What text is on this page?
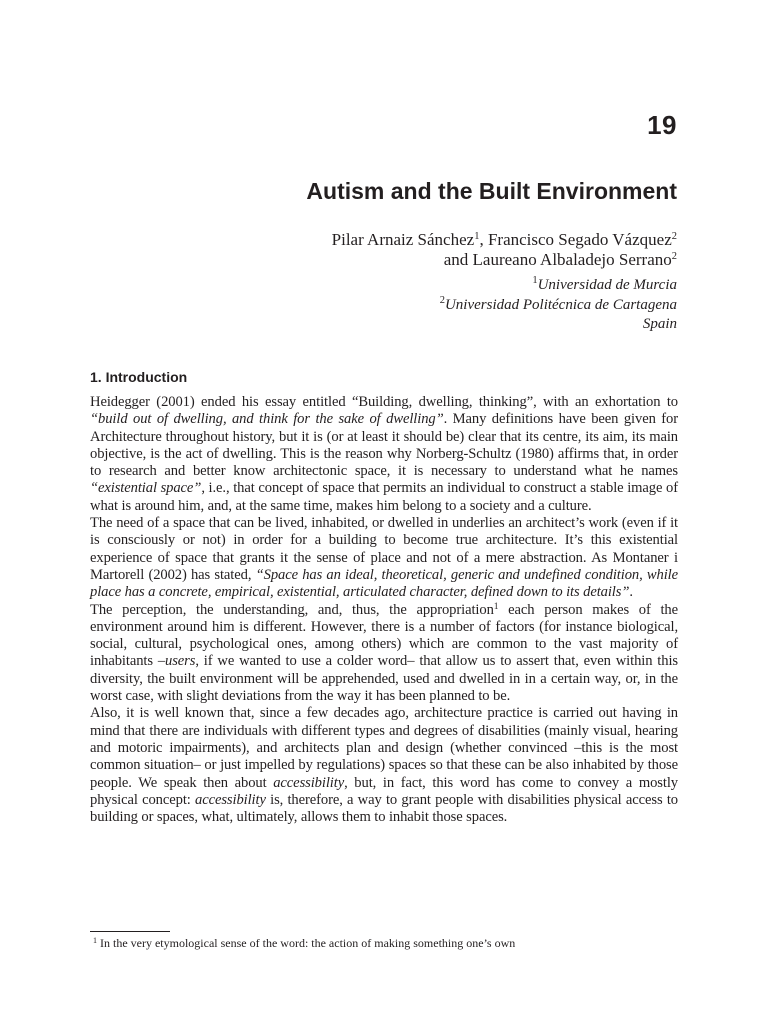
19
Autism and the Built Environment
Pilar Arnaiz Sánchez$^1$, Francisco Segado Vázquez$^2$
and Laureano Albaladejo Serrano$^2$
$^1$Universidad de Murcia
$^2$Universidad Politécnica de Cartagena
Spain
1. Introduction

Heidegger (2001) ended his essay entitled “Building, dwelling, thinking”, with an exhortation to “build out of dwelling, and think for the sake of dwelling”. Many definitions have been given for Architecture throughout history, but it is (or at least it should be) clear that its centre, its aim, its main objective, is the act of dwelling. This is the reason why Norberg-Schultz (1980) affirms that, in order to research and better know architectonic space, it is necessary to understand what he names “existential space”, i.e., that concept of space that permits an individual to construct a stable image of what is around him, and, at the same time, makes him belong to a society and a culture.

The need of a space that can be lived, inhabited, or dwelled in underlies an architect’s work (even if it is consciously or not) in order for a building to become true architecture. It’s this existential experience of space that grants it the sense of place and not of a mere abstraction. As Montaner i Martorell (2002) has stated, “Space has an ideal, theoretical, generic and undefined condition, while place has a concrete, empirical, existential, articulated character, defined down to its details”.

The perception, the understanding, and, thus, the appropriation$^1$ each person makes of the environment around him is different. However, there is a number of factors (for instance biological, social, cultural, psychological ones, among others) which are common to the vast majority of inhabitants –users, if we wanted to use a colder word– that allow us to assert that, even within this diversity, the built environment will be apprehended, used and dwelled in in a certain way, or, in the worst case, with slight deviations from the way it has been planned to be.

Also, it is well known that, since a few decades ago, architecture practice is carried out having in mind that there are individuals with different types and degrees of disabilities (mainly visual, hearing and motoric impairments), and architects plan and design (whether convinced –this is the most common situation– or just impelled by regulations) spaces so that these can be also inhabited by those people. We speak then about accessibility, but, in fact, this word has come to convey a mostly physical concept: accessibility is, therefore, a way to grant people with disabilities physical access to building or spaces, what, ultimately, allows them to inhabit those spaces.

$^1$ In the very etymological sense of the word: the action of making something one’s own
